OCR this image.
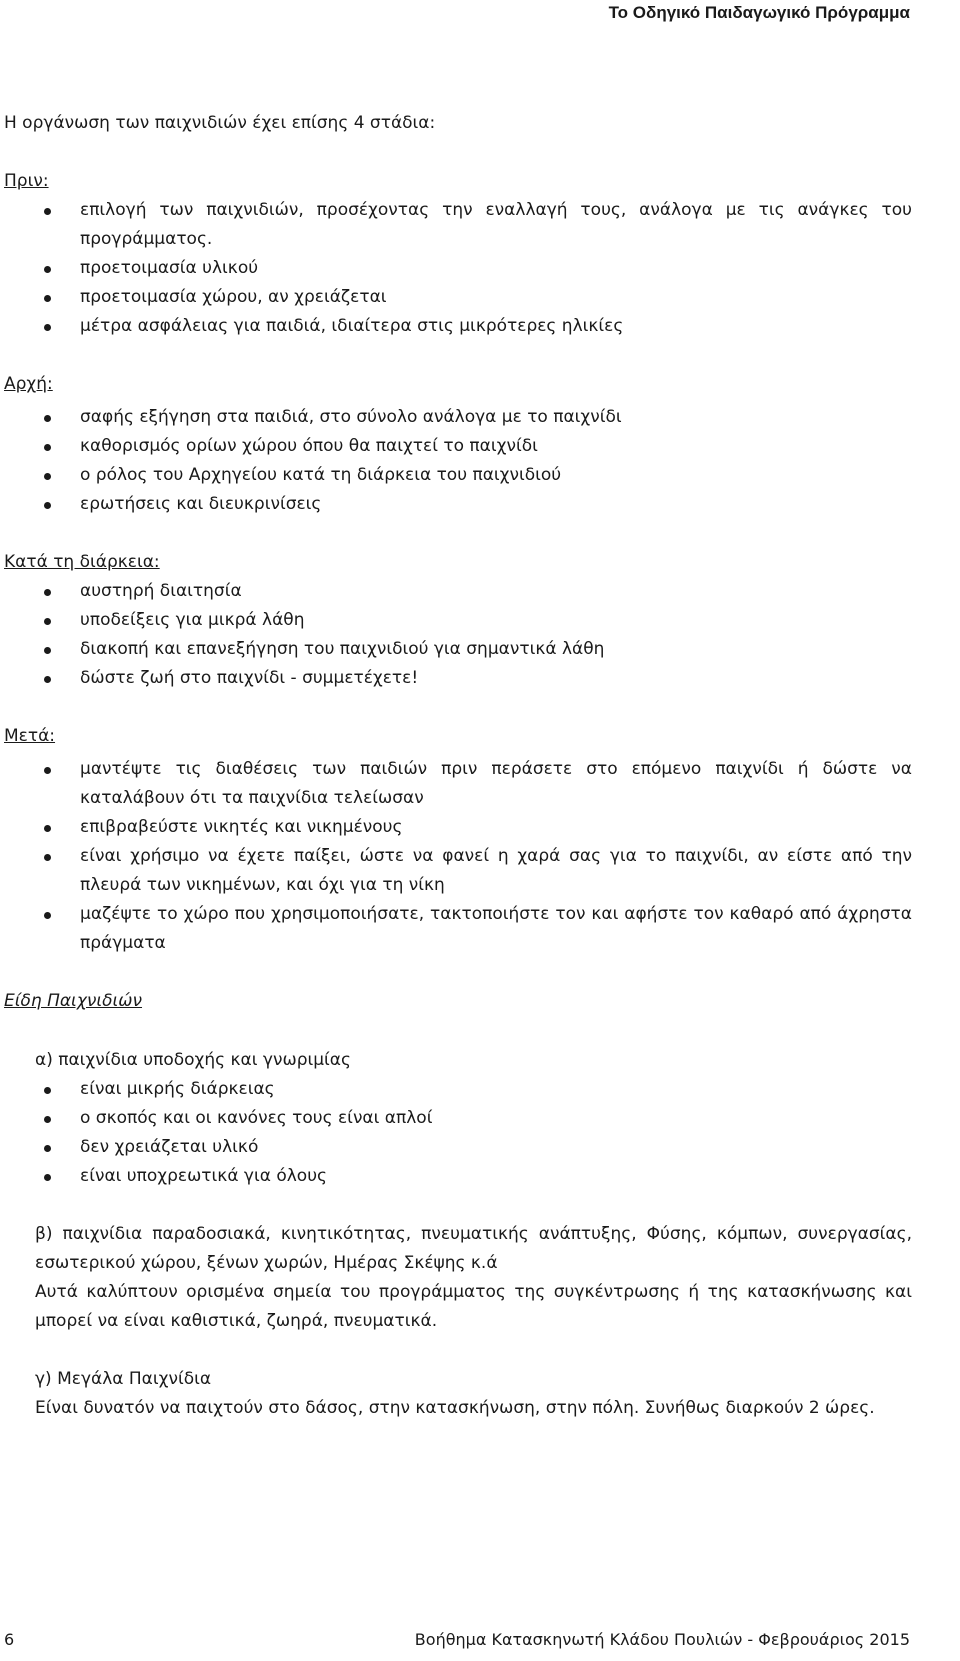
Το Οδηγικό Παιδαγωγικό Πρόγραμμα

Η οργάνωση των παιχνιδιών έχει επίσης 4 στάδια:

Πριν:

επιλογή των παιχνιδιών, προσέχοντας την εναλλαγή τους, ανάλογα με τις ανάγκες του προγράμματος.
προετοιμασία υλικού
προετοιμασία χώρου, αν χρειάζεται
μέτρα ασφάλειας για παιδιά, ιδιαίτερα στις μικρότερες ηλικίες

Αρχή:

σαφής εξήγηση στα παιδιά, στο σύνολο ανάλογα με το παιχνίδι
καθορισμός ορίων χώρου όπου θα παιχτεί το παιχνίδι
ο ρόλος του Αρχηγείου κατά τη διάρκεια του παιχνιδιού
ερωτήσεις και διευκρινίσεις

Κατά τη διάρκεια:

αυστηρή διαιτησία
υποδείξεις για μικρά λάθη
διακοπή και επανεξήγηση του παιχνιδιού για σημαντικά λάθη
δώστε ζωή στο παιχνίδι - συμμετέχετε!

Μετά:

μαντέψτε τις διαθέσεις των παιδιών πριν περάσετε στο επόμενο παιχνίδι ή δώστε να καταλάβουν ότι τα παιχνίδια τελείωσαν
επιβραβεύστε νικητές και νικημένους
είναι χρήσιμο να έχετε παίξει, ώστε να φανεί η χαρά σας για το παιχνίδι, αν είστε από την πλευρά των νικημένων, και όχι για τη νίκη
μαζέψτε το χώρο που χρησιμοποιήσατε, τακτοποιήστε τον και αφήστε τον καθαρό από άχρηστα πράγματα

Είδη Παιχνιδιών

α) παιχνίδια υποδοχής και γνωριμίας

είναι μικρής διάρκειας
ο σκοπός και οι κανόνες τους είναι απλοί
δεν χρειάζεται υλικό
είναι υποχρεωτικά για όλους

β) παιχνίδια παραδοσιακά, κινητικότητας, πνευματικής ανάπτυξης, Φύσης, κόμπων, συνεργασίας, εσωτερικού χώρου, ξένων χωρών, Ημέρας Σκέψης κ.ά

Αυτά καλύπτουν ορισμένα σημεία του προγράμματος της συγκέντρωσης ή της κατασκήνωσης και μπορεί να είναι καθιστικά, ζωηρά, πνευματικά.

γ) Μεγάλα Παιχνίδια

Είναι δυνατόν να παιχτούν στο δάσος, στην κατασκήνωση, στην πόλη. Συνήθως διαρκούν 2 ώρες.

6	Βοήθημα Κατασκηνωτή Κλάδου Πουλιών - Φεβρουάριος 2015
